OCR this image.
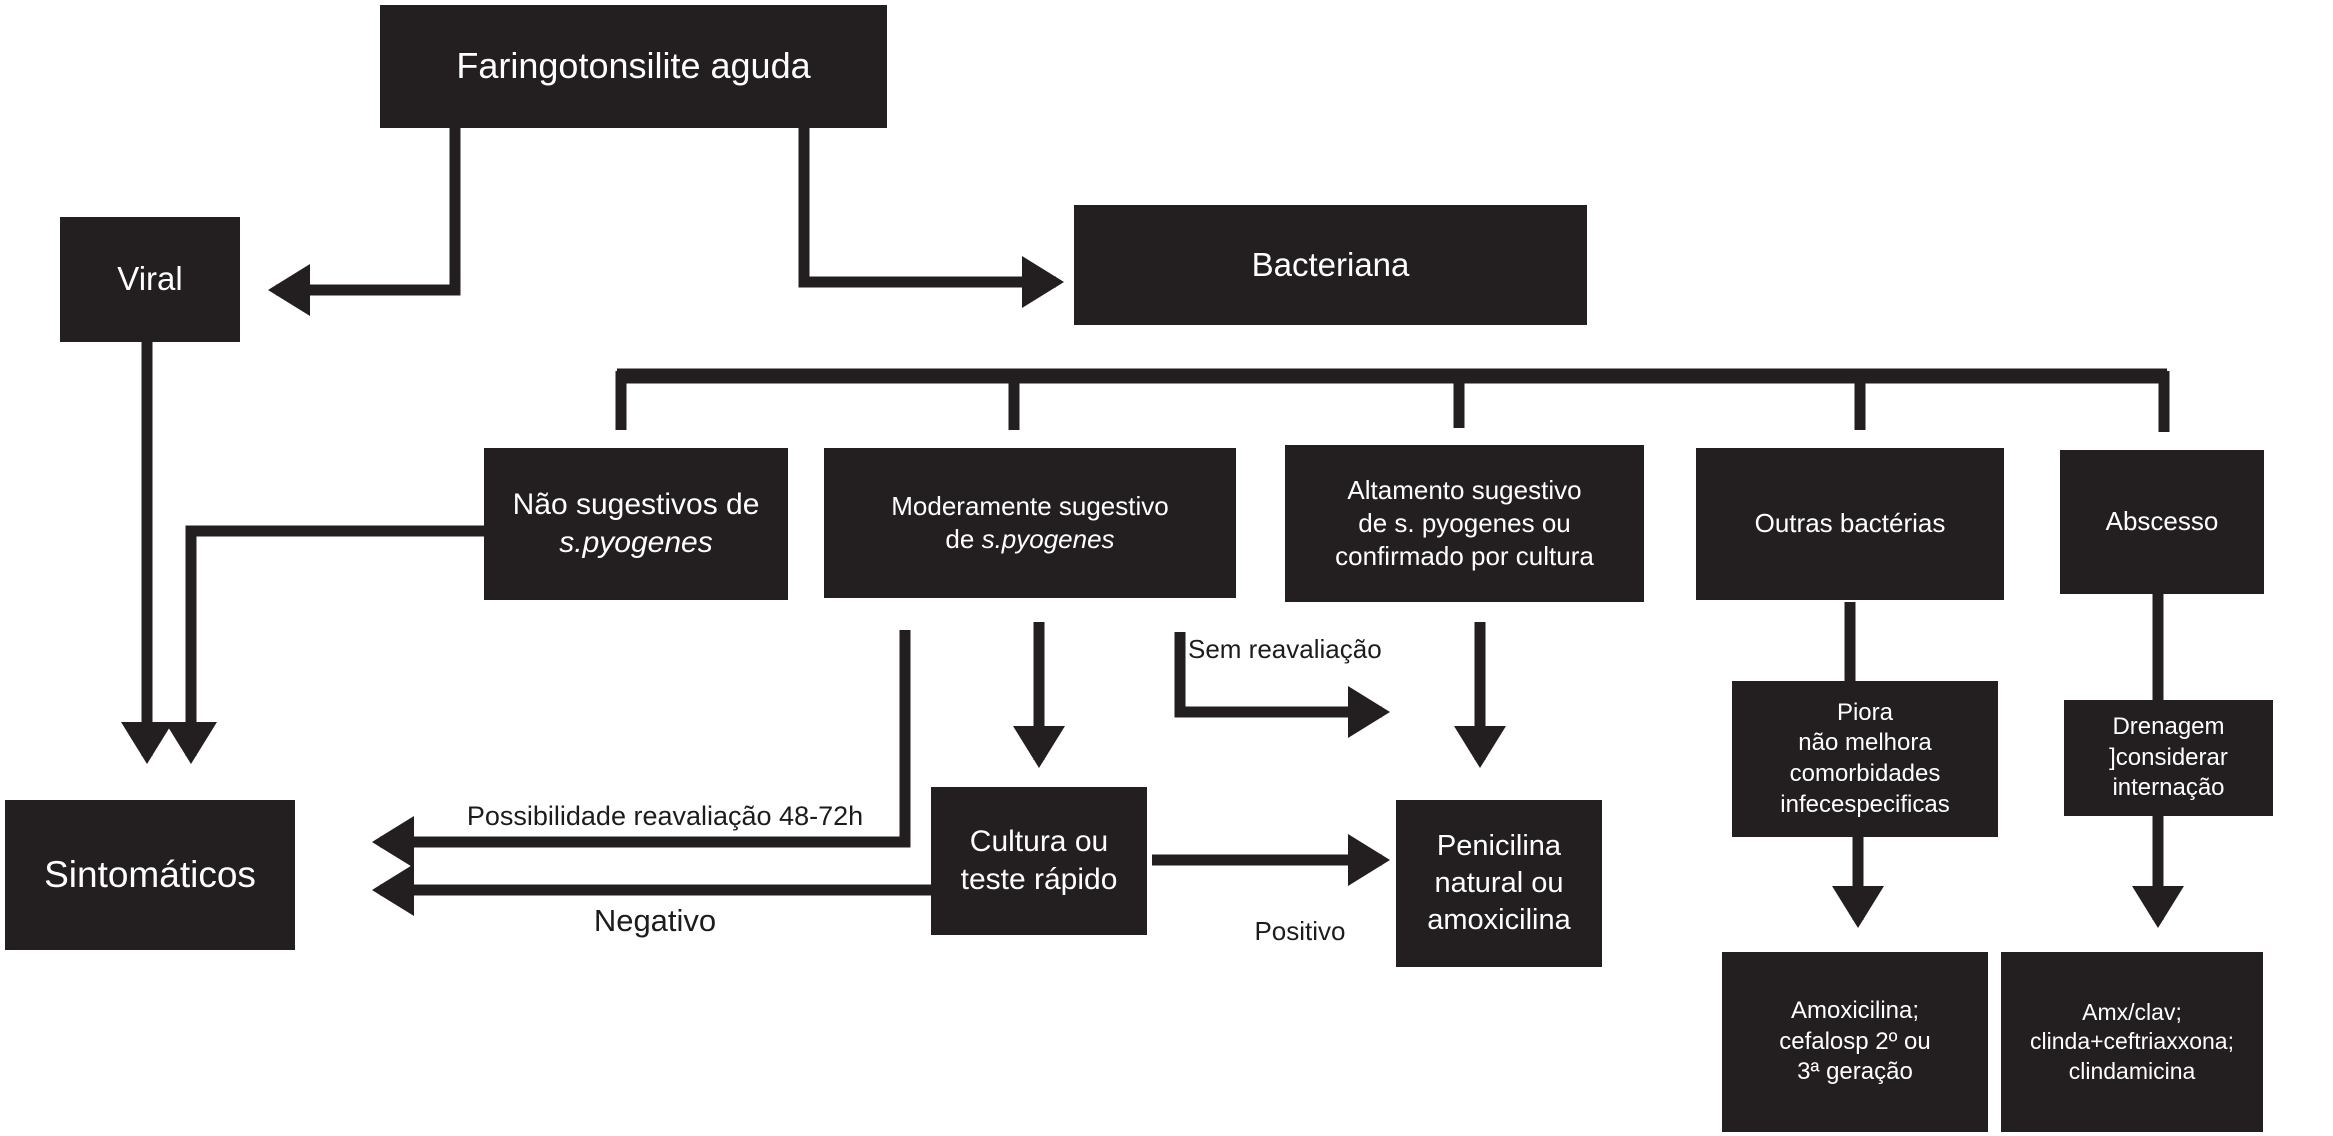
Faringotonsilite aguda
Viral	Bacteriana
Não sugestivos de
s.pyogenes
Moderamente sugestivo
de s.pyogenes
Altamento sugestivo
de s. pyogenes ou
confirmado por cultura
Outras bactérias	Abscesso
Sintomáticos
Cultura ou
teste rápido
Penicilina
natural ou
amoxicilina
Piora
não melhora
comorbidades
infecespecificas
Drenagem
]considerar
internação
Amoxicilina;
cefalosp 2º ou
3ª geração
Amx/clav;
clinda+ceftriaxxona;
clindamicina
Possibilidade reavaliação 48-72h
Negativo
Sem reavaliação
Positivo
